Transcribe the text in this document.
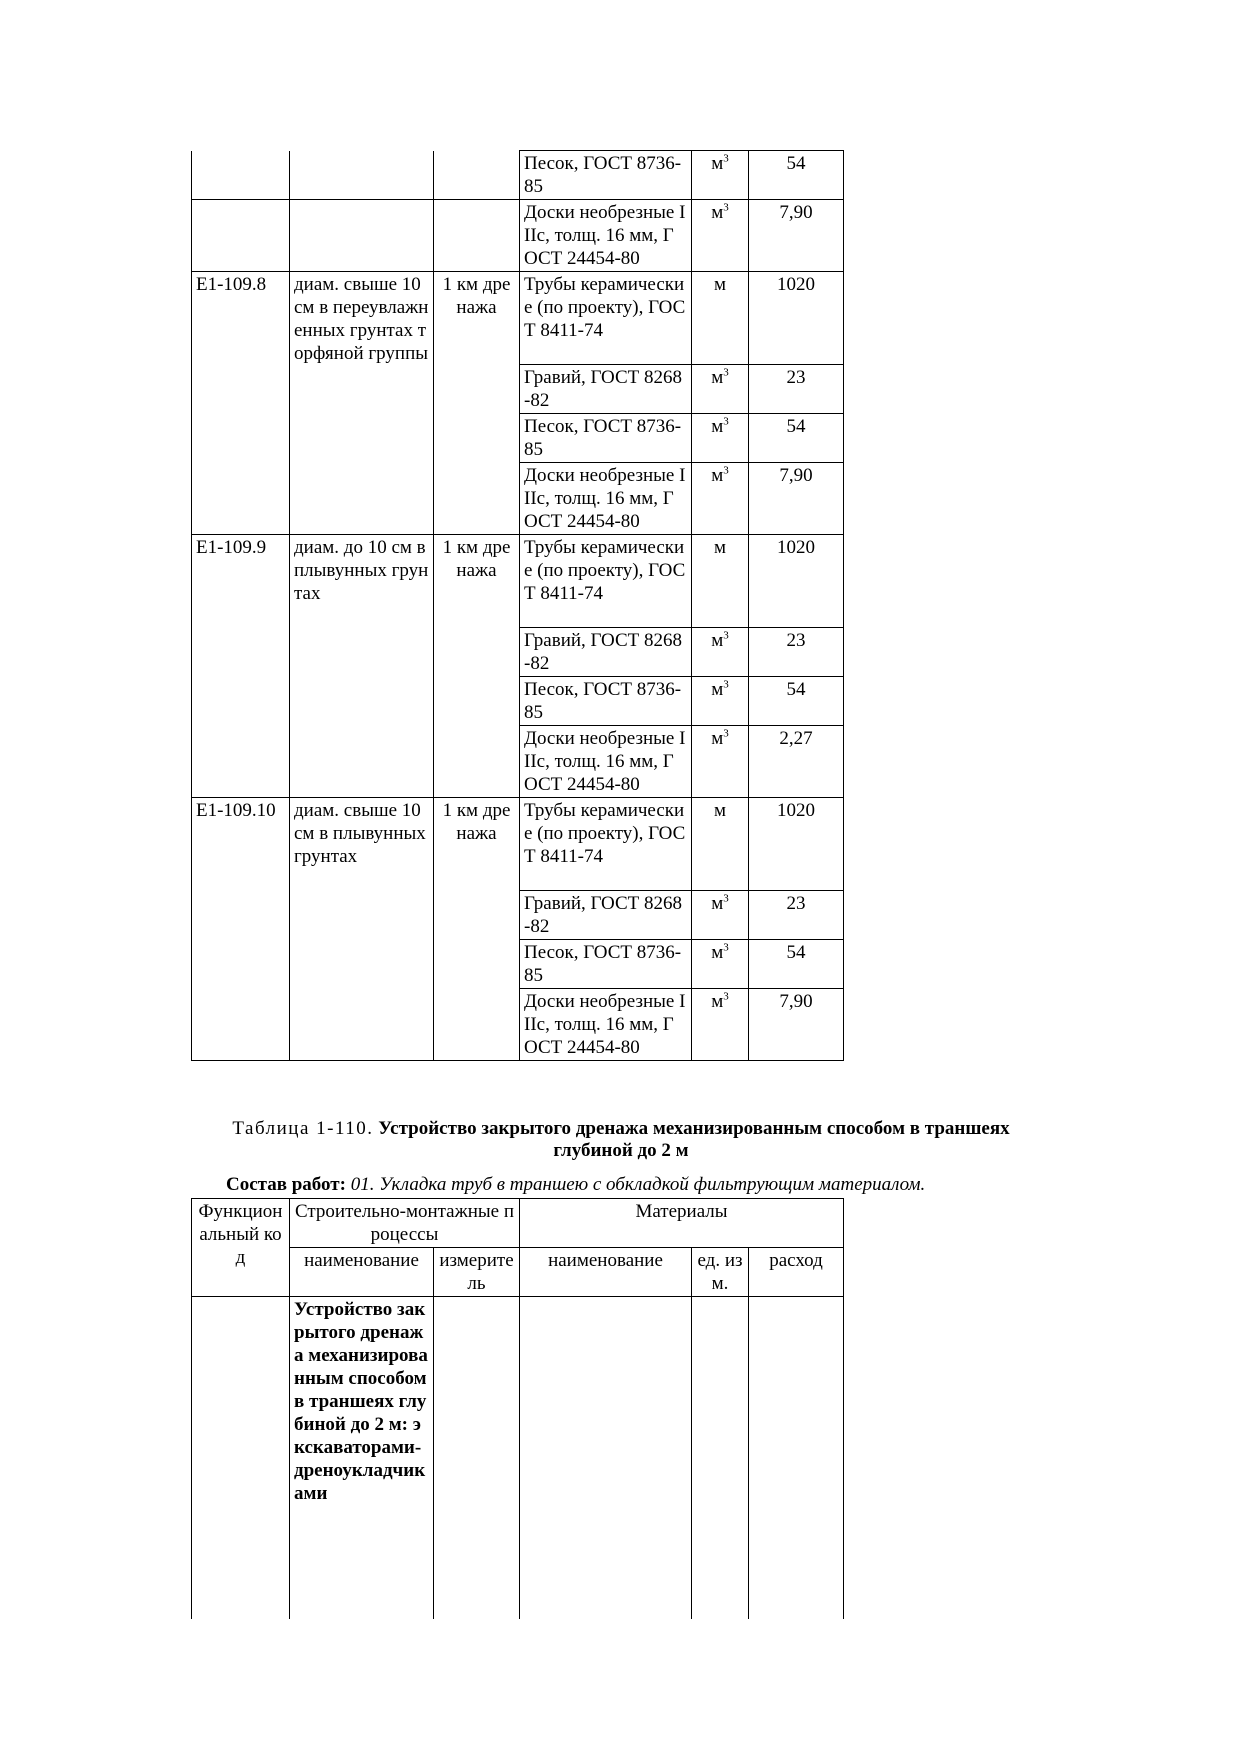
			Песок, ГОСТ 8736-85	$м^3$	54
			Доски необрезные IIIс, толщ. 16 мм, ГОСТ 24454-80	$м^3$	7,90
Е1-109.8	диам. свыше 10 см в переувлажненных грунтах торфяной группы	1 км дренажа	Трубы керамические (по проекту), ГОСТ 8411-74	м	1020
			Гравий, ГОСТ 8268-82	$м^3$	23
			Песок, ГОСТ 8736-85	$м^3$	54
			Доски необрезные IIIс, толщ. 16 мм, ГОСТ 24454-80	$м^3$	7,90
Е1-109.9	диам. до 10 см в плывунных грунтах	1 км дренажа	Трубы керамические (по проекту), ГОСТ 8411-74	м	1020
			Гравий, ГОСТ 8268-82	$м^3$	23
			Песок, ГОСТ 8736-85	$м^3$	54
			Доски необрезные IIIс, толщ. 16 мм, ГОСТ 24454-80	$м^3$	2,27
Е1-109.10	диам. свыше 10 см в плывунных грунтах	1 км дренажа	Трубы керамические (по проекту), ГОСТ 8411-74	м	1020
			Гравий, ГОСТ 8268-82	$м^3$	23
			Песок, ГОСТ 8736-85	$м^3$	54
			Доски необрезные IIIс, толщ. 16 мм, ГОСТ 24454-80	$м^3$	7,90
Таблица 1-110. Устройство закрытого дренажа механизированным способом в траншеях глубиной до 2 м
Состав работ: 01. Укладка труб в траншею с обкладкой фильтрующим материалом.
Функциональный код	Строительно-монтажные процессы		Материалы		
	наименование	измеритель	наименование	ед. изм.	расход
	Устройство закрытого дренажа механизированным способом в траншеях глубиной до 2 м: экскаваторами-дреноукладчиками				
